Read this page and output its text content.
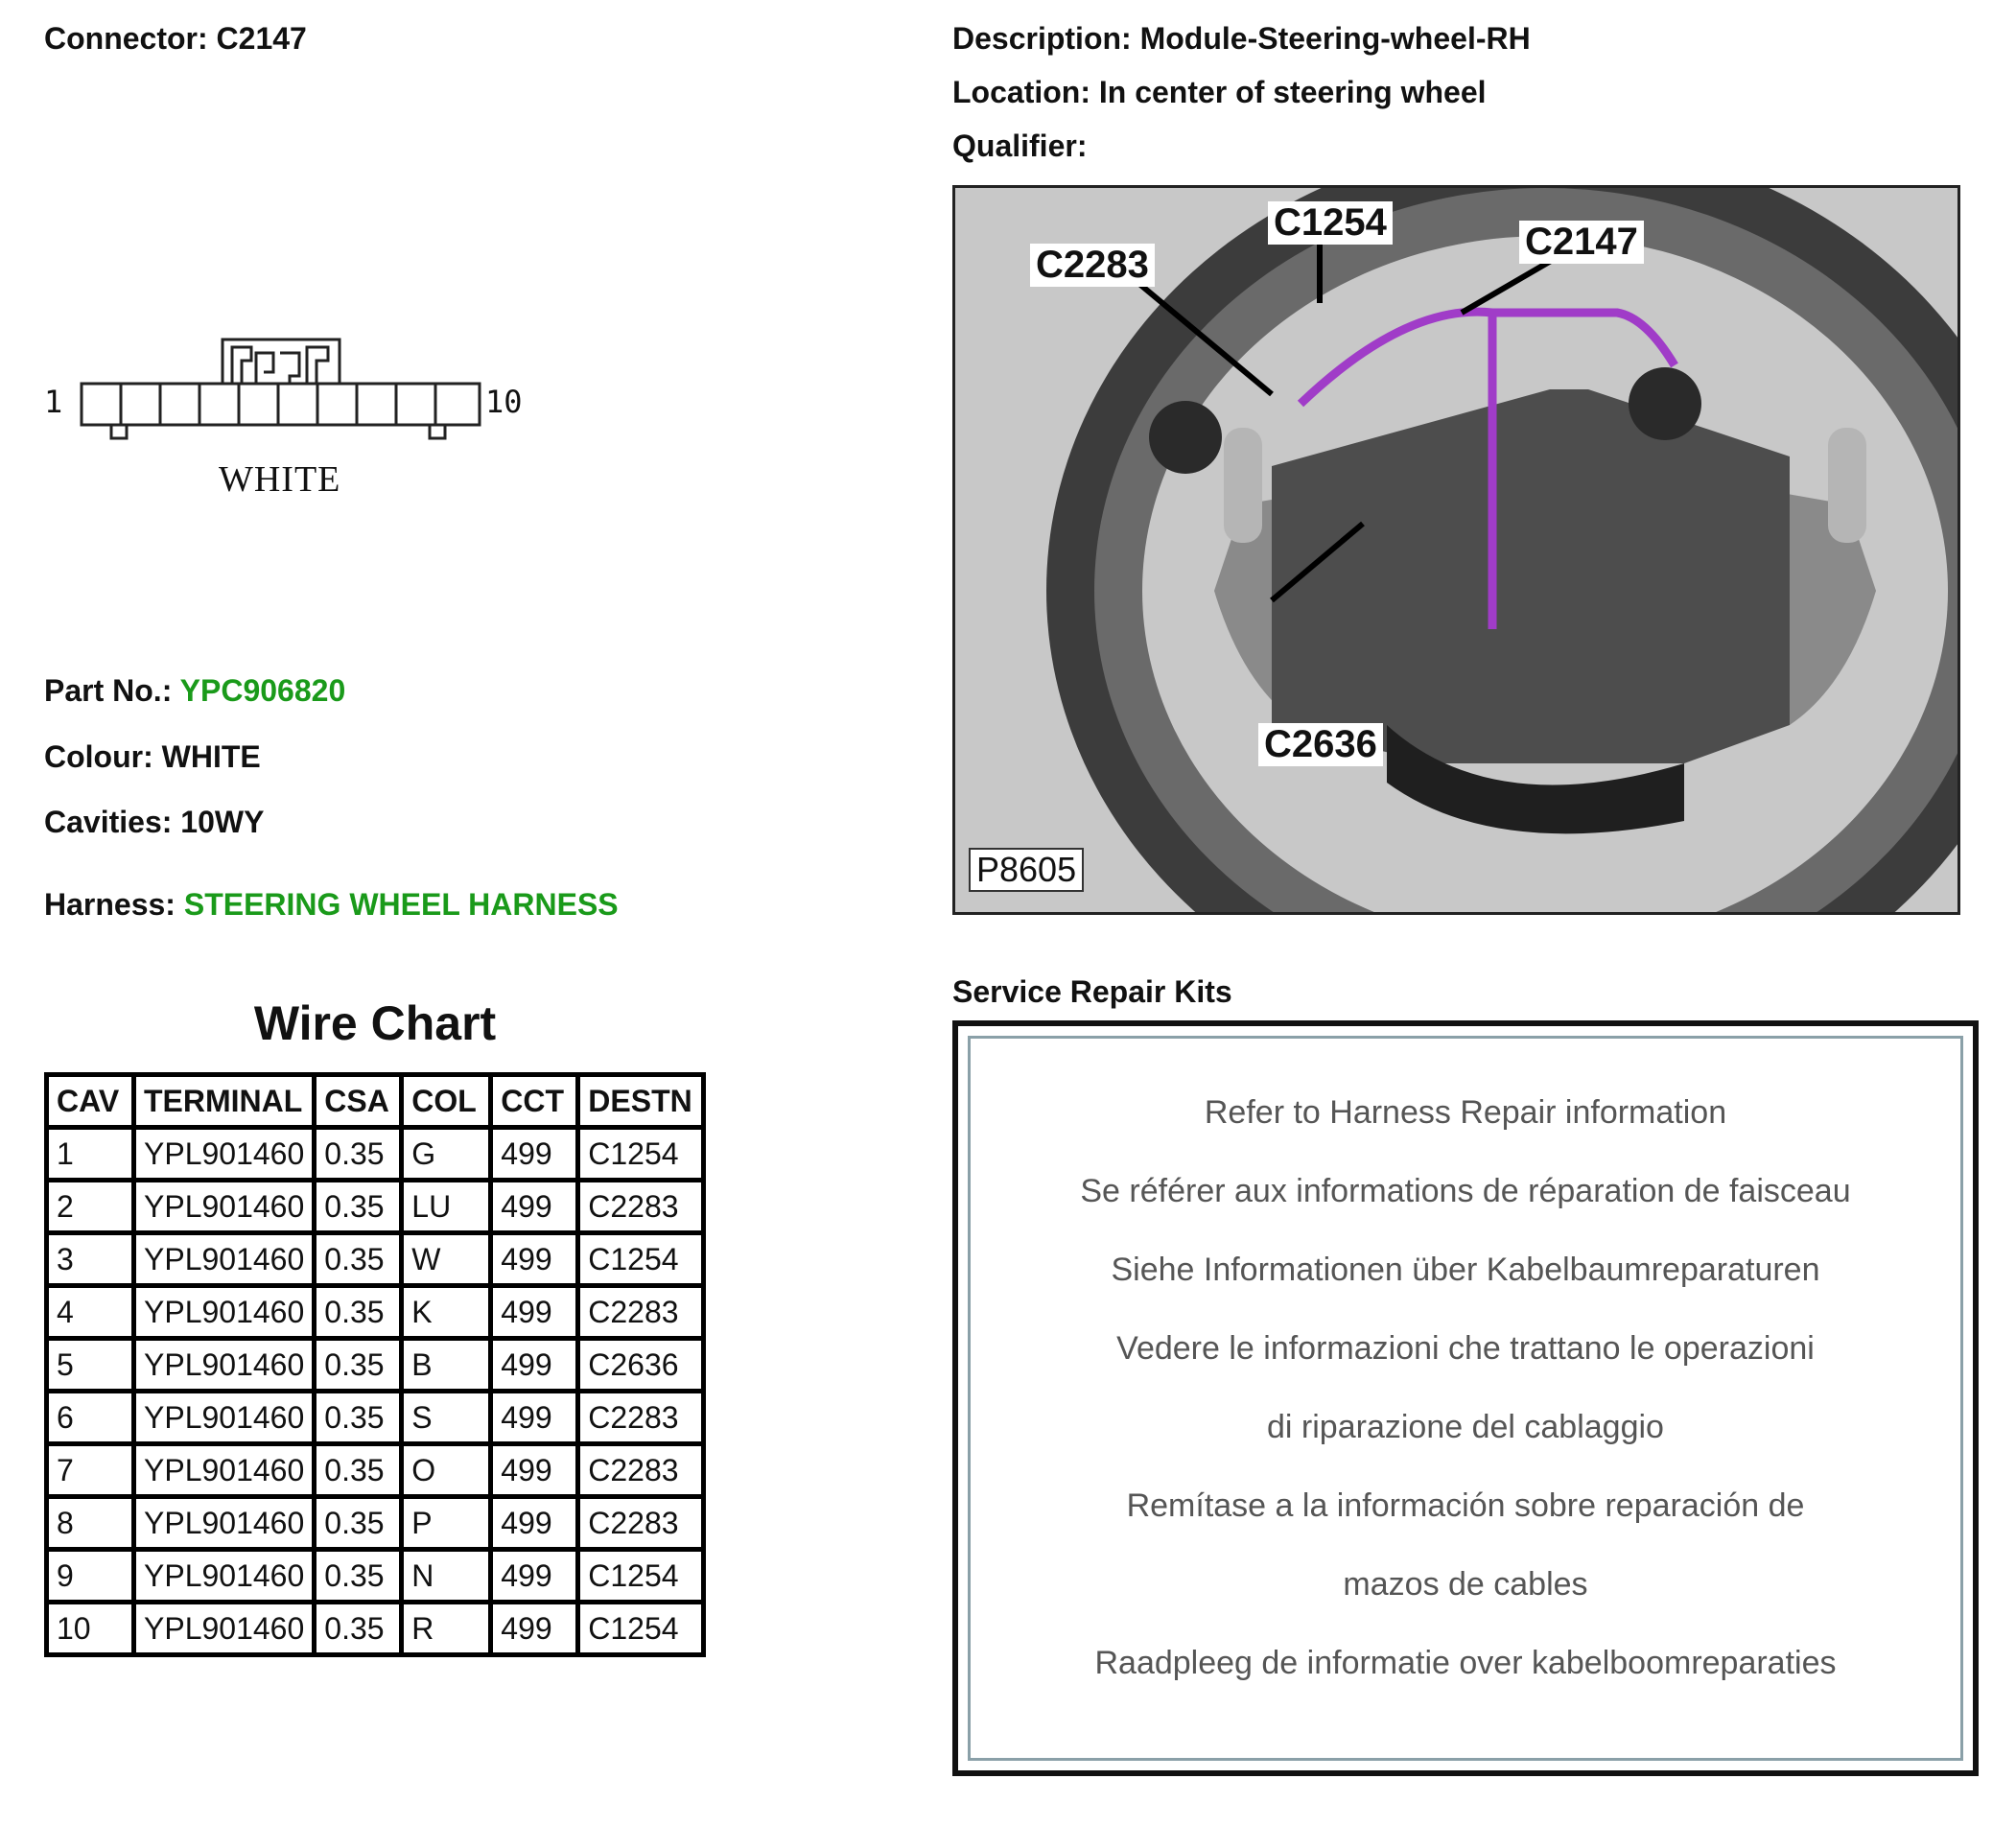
Connector: C2147
1	10
WHITE
Part No.: YPC906820
Colour: WHITE
Cavities: 10WY
Harness: STEERING WHEEL HARNESS
Wire Chart
CAV	TERMINAL	CSA	COL	CCT	DESTN
1	YPL901460	0.35	G	499	C1254
2	YPL901460	0.35	LU	499	C2283
3	YPL901460	0.35	W	499	C1254
4	YPL901460	0.35	K	499	C2283
5	YPL901460	0.35	B	499	C2636
6	YPL901460	0.35	S	499	C2283
7	YPL901460	0.35	O	499	C2283
8	YPL901460	0.35	P	499	C2283
9	YPL901460	0.35	N	499	C1254
10	YPL901460	0.35	R	499	C1254
Description: Module-Steering-wheel-RH
Location: In center of steering wheel
Qualifier:
C2283
C1254	C2147
C2636
P8605
Service Repair Kits
Refer to Harness Repair information
Se référer aux informations de réparation de faisceau
Siehe Informationen über Kabelbaumreparaturen
Vedere le informazioni che trattano le operazioni
di riparazione del cablaggio
Remítase a la información sobre reparación de
mazos de cables
Raadpleeg de informatie over kabelboomreparaties
